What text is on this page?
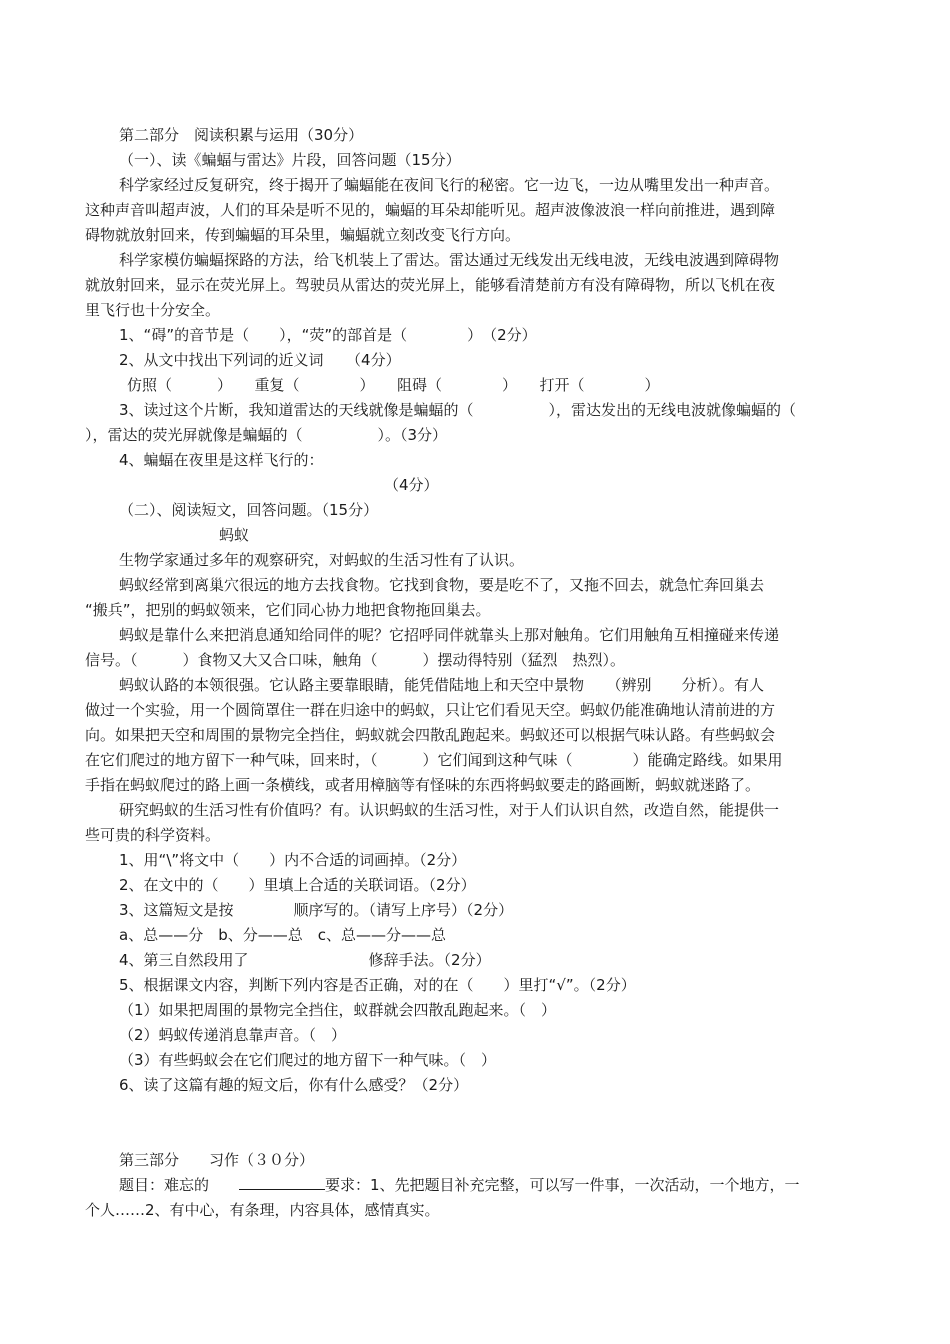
第二部分　阅读积累与运用（30分）
（一）、读《蝙蝠与雷达》片段，回答问题（15分）
科学家经过反复研究，终于揭开了蝙蝠能在夜间飞行的秘密。它一边飞，一边从嘴里发出一种声音。
这种声音叫超声波，人们的耳朵是听不见的，蝙蝠的耳朵却能听见。超声波像波浪一样向前推进，遇到障
碍物就放射回来，传到蝙蝠的耳朵里，蝙蝠就立刻改变飞行方向。
科学家模仿蝙蝠探路的方法，给飞机装上了雷达。雷达通过无线发出无线电波，无线电波遇到障碍物
就放射回来，显示在荧光屏上。驾驶员从雷达的荧光屏上，能够看清楚前方有没有障碍物，所以飞机在夜
里飞行也十分安全。
1、“碍”的音节是（　　），“荧”的部首是（　　　　）　（2分）
2、从文中找出下列词的近义词　　（4分）
仿照（　　　）　　重复（　　　　）　　阻碍（　　　　）　　打开（　　　　）
3、读过这个片断，我知道雷达的天线就像是蝙蝠的（　　　　　），雷达发出的无线电波就像蝙蝠的（
），雷达的荧光屏就像是蝙蝠的（　　　　　）。（3分）
4、蝙蝠在夜里是这样飞行的：
（4分）
（二）、阅读短文，回答问题。（15分）
蚂蚁
生物学家通过多年的观察研究，对蚂蚁的生活习性有了认识。
蚂蚁经常到离巢穴很远的地方去找食物。它找到食物，要是吃不了，又拖不回去，就急忙奔回巢去
“搬兵”，把别的蚂蚁领来，它们同心协力地把食物拖回巢去。
蚂蚁是靠什么来把消息通知给同伴的呢？它招呼同伴就靠头上那对触角。它们用触角互相撞碰来传递
信号。（　　　）食物又大又合口味，触角（　　　）摆动得特别（猛烈　热烈）。
蚂蚁认路的本领很强。它认路主要靠眼睛，能凭借陆地上和天空中景物　　（辨别　　分析）。有人
做过一个实验，用一个圆筒罩住一群在归途中的蚂蚁，只让它们看见天空。蚂蚁仍能准确地认清前进的方
向。如果把天空和周围的景物完全挡住，蚂蚁就会四散乱跑起来。蚂蚁还可以根据气味认路。有些蚂蚁会
在它们爬过的地方留下一种气味，回来时，（　　　）它们闻到这种气味（　　　　）能确定路线。如果用
手指在蚂蚁爬过的路上画一条横线，或者用樟脑等有怪味的东西将蚂蚁要走的路画断，蚂蚁就迷路了。
研究蚂蚁的生活习性有价值吗？有。认识蚂蚁的生活习性，对于人们认识自然，改造自然，能提供一
些可贵的科学资料。
1、用“\”将文中（　　）内不合适的词画掉。（2分）
2、在文中的（　　）里填上合适的关联词语。（2分）
3、这篇短文是按　　　　顺序写的。（请写上序号）（2分）
a、总——分　b、分——总　c、总——分——总
4、第三自然段用了　　　　　　　　修辞手法。（2分）
5、根据课文内容，判断下列内容是否正确，对的在（　　）里打“√”。（2分）
（1）如果把周围的景物完全挡住，蚁群就会四散乱跑起来。（　）
（2）蚂蚁传递消息靠声音。（　）
（3）有些蚂蚁会在它们爬过的地方留下一种气味。（　）
6、读了这篇有趣的短文后，你有什么感受？（2分）
第三部分　　习作（３０分）
题目：难忘的　　	要求：1、先把题目补充完整，可以写一件事，一次活动，一个地方，一
个人……2、有中心，有条理，内容具体，感情真实。
